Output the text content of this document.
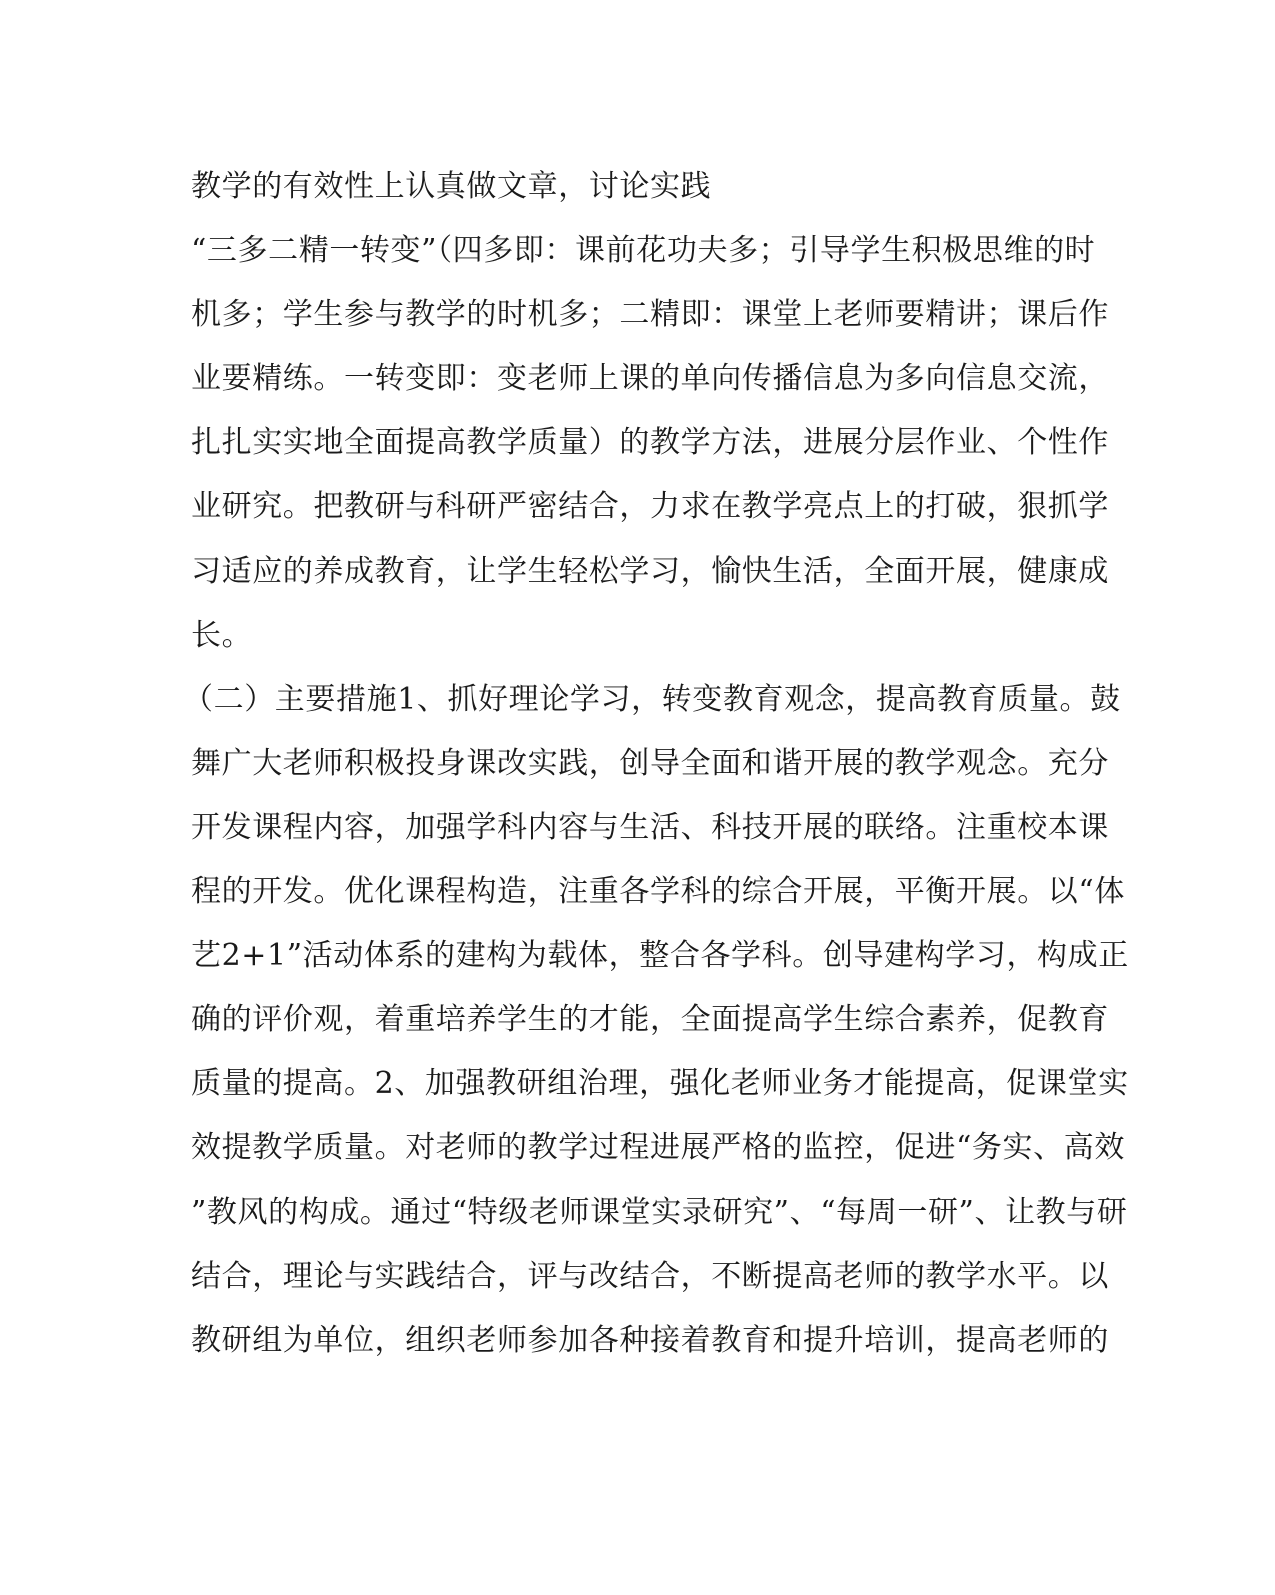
教学的有效性上认真做文章，讨论实践
“三多二精一转变”（四多即：课前花功夫多；引导学生积极思维的时
机多；学生参与教学的时机多；二精即：课堂上老师要精讲；课后作
业要精练。一转变即：变老师上课的单向传播信息为多向信息交流，
扎扎实实地全面提高教学质量）的教学方法，进展分层作业、个性作
业研究。把教研与科研严密结合，力求在教学亮点上的打破，狠抓学
习适应的养成教育，让学生轻松学习，愉快生活，全面开展，健康成
长。
（二）主要措施1、抓好理论学习，转变教育观念，提高教育质量。鼓
舞广大老师积极投身课改实践，创导全面和谐开展的教学观念。充分
开发课程内容，加强学科内容与生活、科技开展的联络。注重校本课
程的开发。优化课程构造，注重各学科的综合开展，平衡开展。以“体
艺2+1”活动体系的建构为载体，整合各学科。创导建构学习，构成正
确的评价观，着重培养学生的才能，全面提高学生综合素养，促教育
质量的提高。2、加强教研组治理，强化老师业务才能提高，促课堂实
效提教学质量。对老师的教学过程进展严格的监控，促进“务实、高效
”教风的构成。通过“特级老师课堂实录研究”、“每周一研”、让教与研
结合，理论与实践结合，评与改结合，不断提高老师的教学水平。以
教研组为单位，组织老师参加各种接着教育和提升培训，提高老师的
